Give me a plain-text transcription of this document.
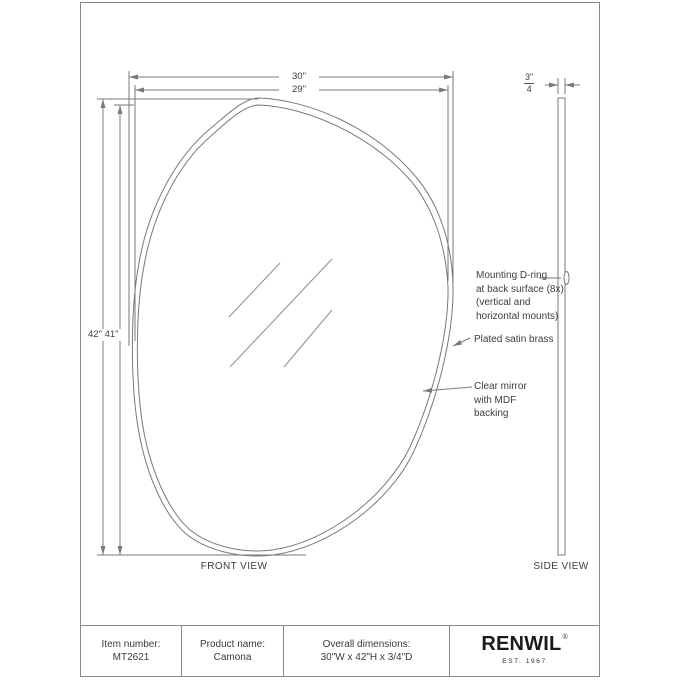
30"
29"
42" 41"
$\frac{3"}{4}$
Mounting D-ring
at back surface (8x)
(vertical and
horizontal mounts)
Plated satin brass
Clear mirror
with MDF
backing
FRONT VIEW	SIDE VIEW
Item number:
MT2621
Product name:
Camona
Overall dimensions:
30"W x 42"H x 3/4"D
RENWIL ®
EST. 1967
